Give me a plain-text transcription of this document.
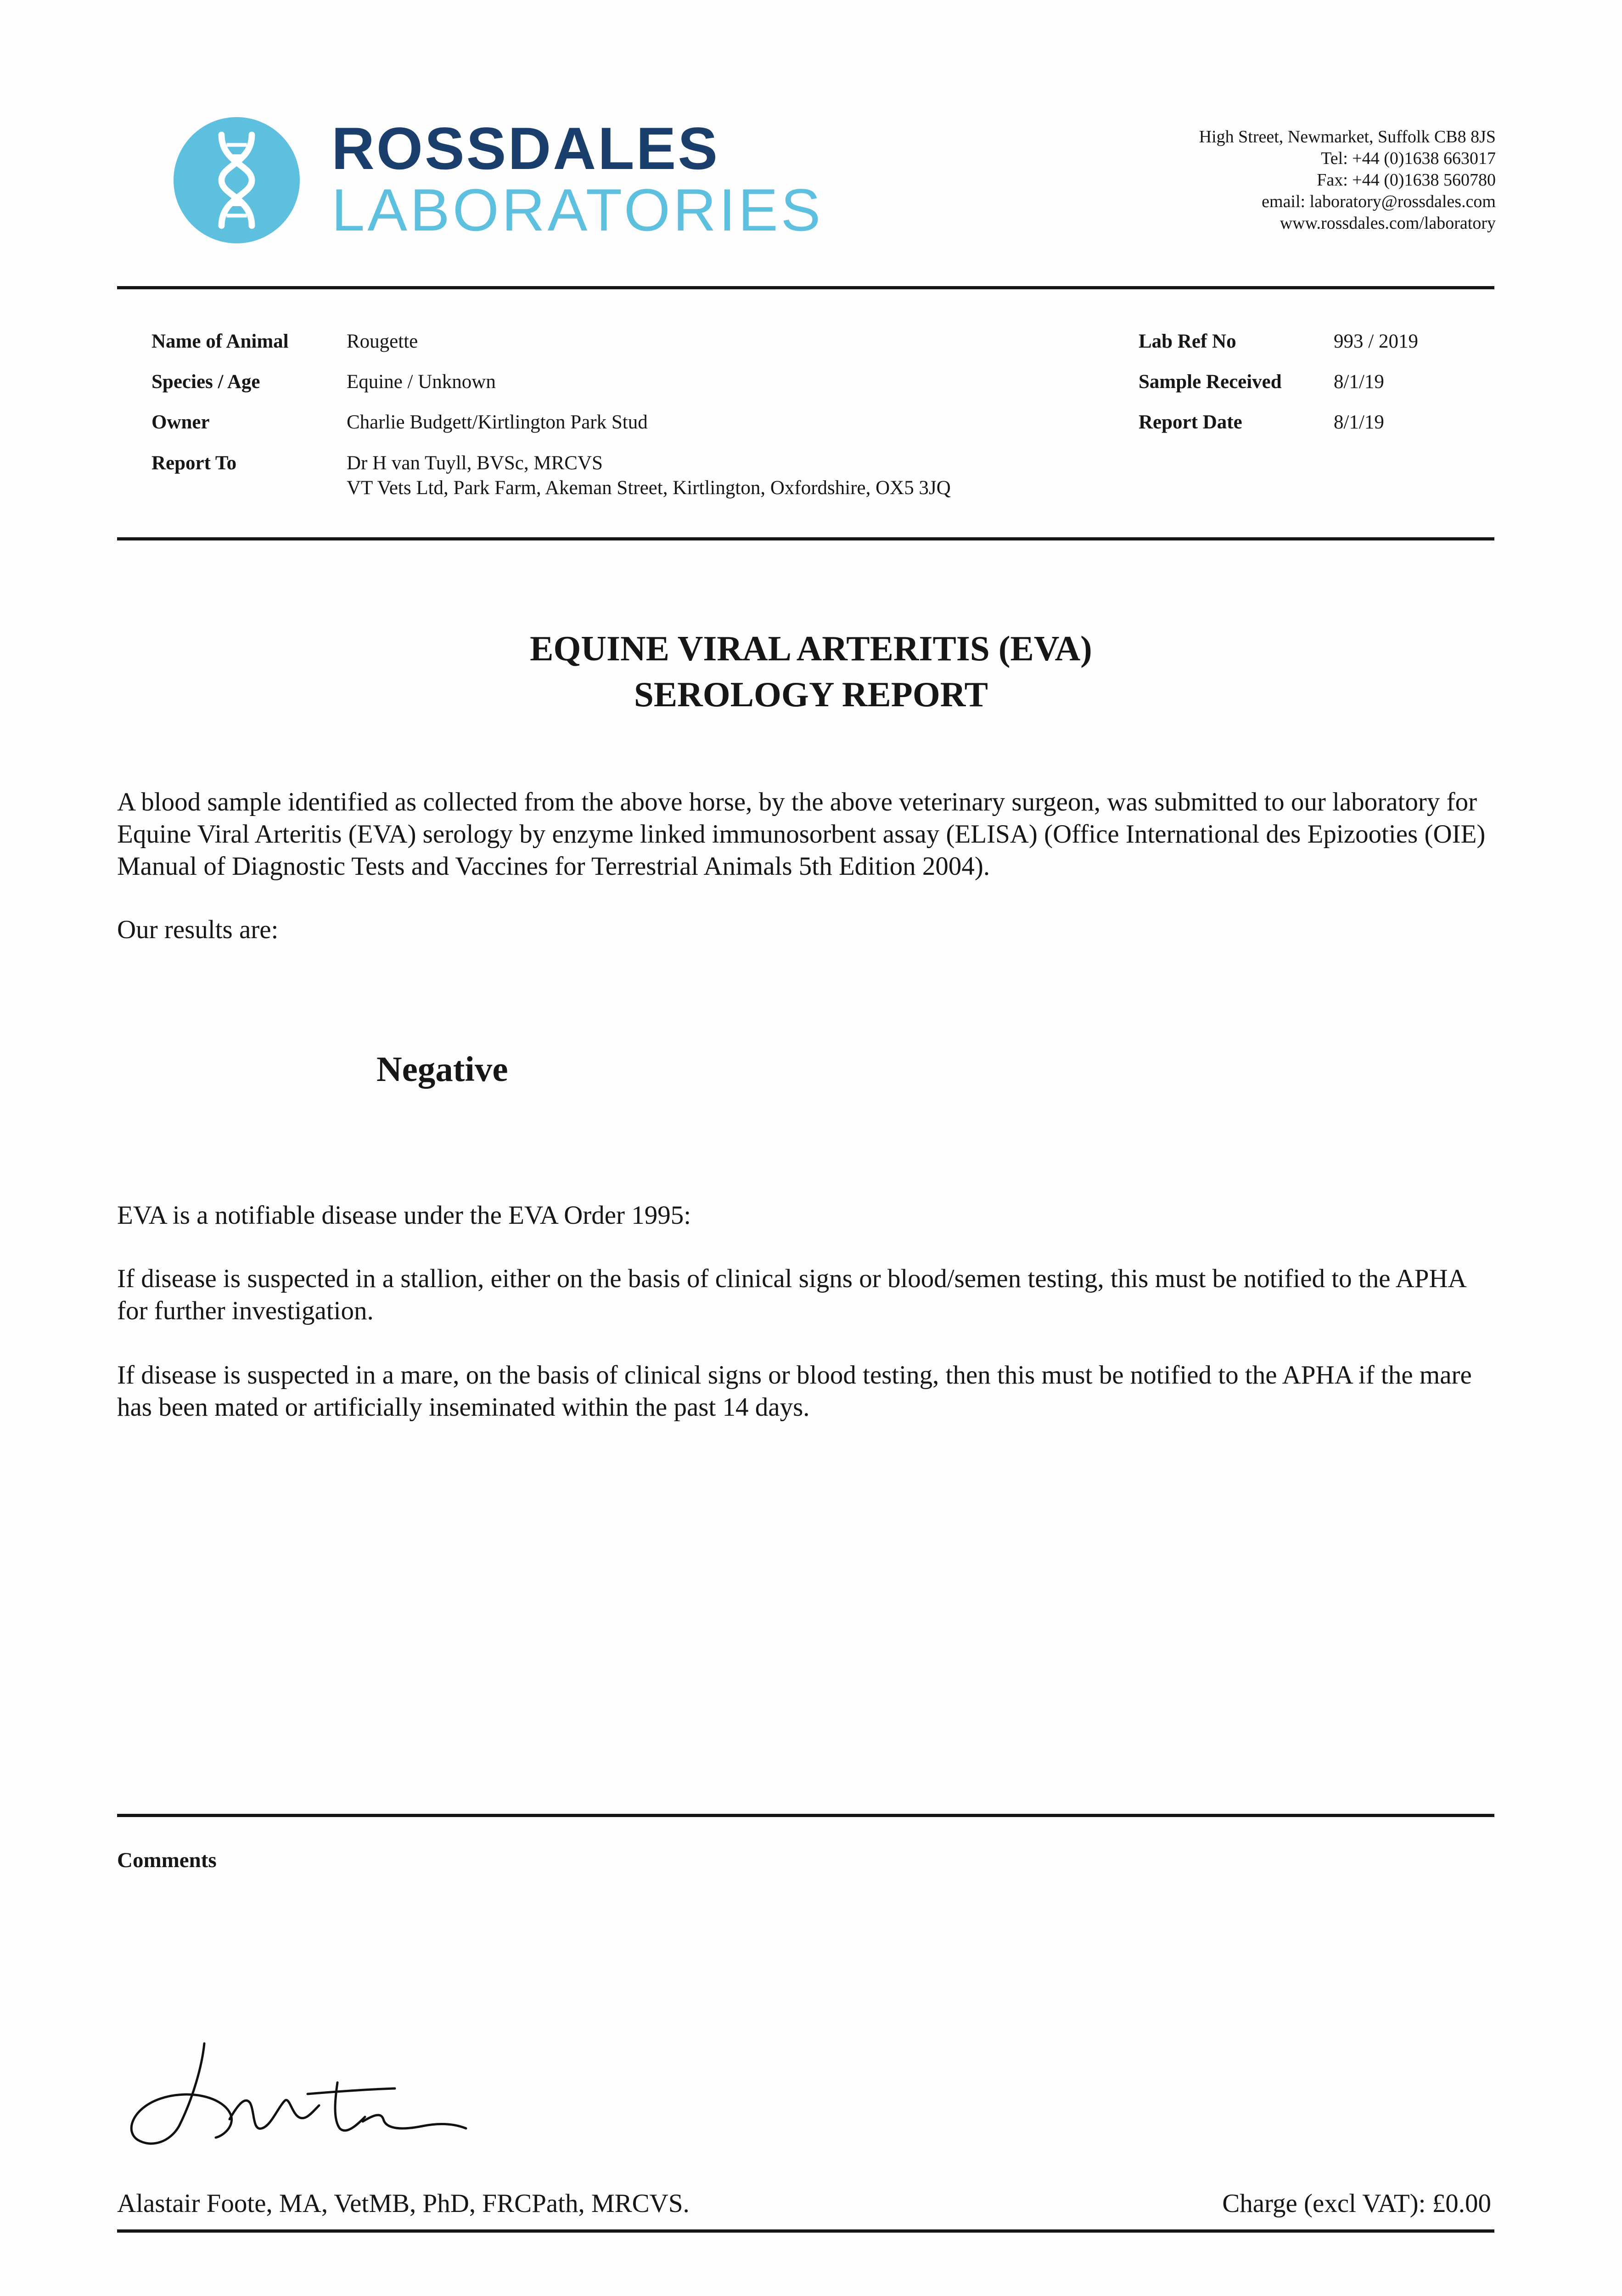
ROSSDALES
LABORATORIES
High Street, Newmarket, Suffolk CB8 8JS
Tel: +44 (0)1638 663017
Fax: +44 (0)1638 560780
email: laboratory@rossdales.com
www.rossdales.com/laboratory
Name of Animal	Rougette
Species / Age	Equine / Unknown
Owner	Charlie Budgett/Kirtlington Park Stud
Report To	Dr H van Tuyll, BVSc, MRCVS
VT Vets Ltd, Park Farm, Akeman Street, Kirtlington, Oxfordshire, OX5 3JQ
Lab Ref No	993 / 2019
Sample Received	8/1/19
Report Date	8/1/19
EQUINE VIRAL ARTERITIS (EVA)
SEROLOGY REPORT
A blood sample identified as collected from the above horse, by the above veterinary surgeon, was submitted to our laboratory for Equine Viral Arteritis (EVA) serology by enzyme linked immunosorbent assay (ELISA) (Office International des Epizooties (OIE) Manual of Diagnostic Tests and Vaccines for Terrestrial Animals 5th Edition 2004).
Our results are:
Negative
EVA is a notifiable disease under the EVA Order 1995:
If disease is suspected in a stallion, either on the basis of clinical signs or blood/semen testing, this must be notified to the APHA for further investigation.
If disease is suspected in a mare, on the basis of clinical signs or blood testing, then this must be notified to the APHA if the mare has been mated or artificially inseminated within the past 14 days.
Comments
Alastair Foote, MA, VetMB, PhD, FRCPath, MRCVS.	Charge (excl VAT): £0.00
